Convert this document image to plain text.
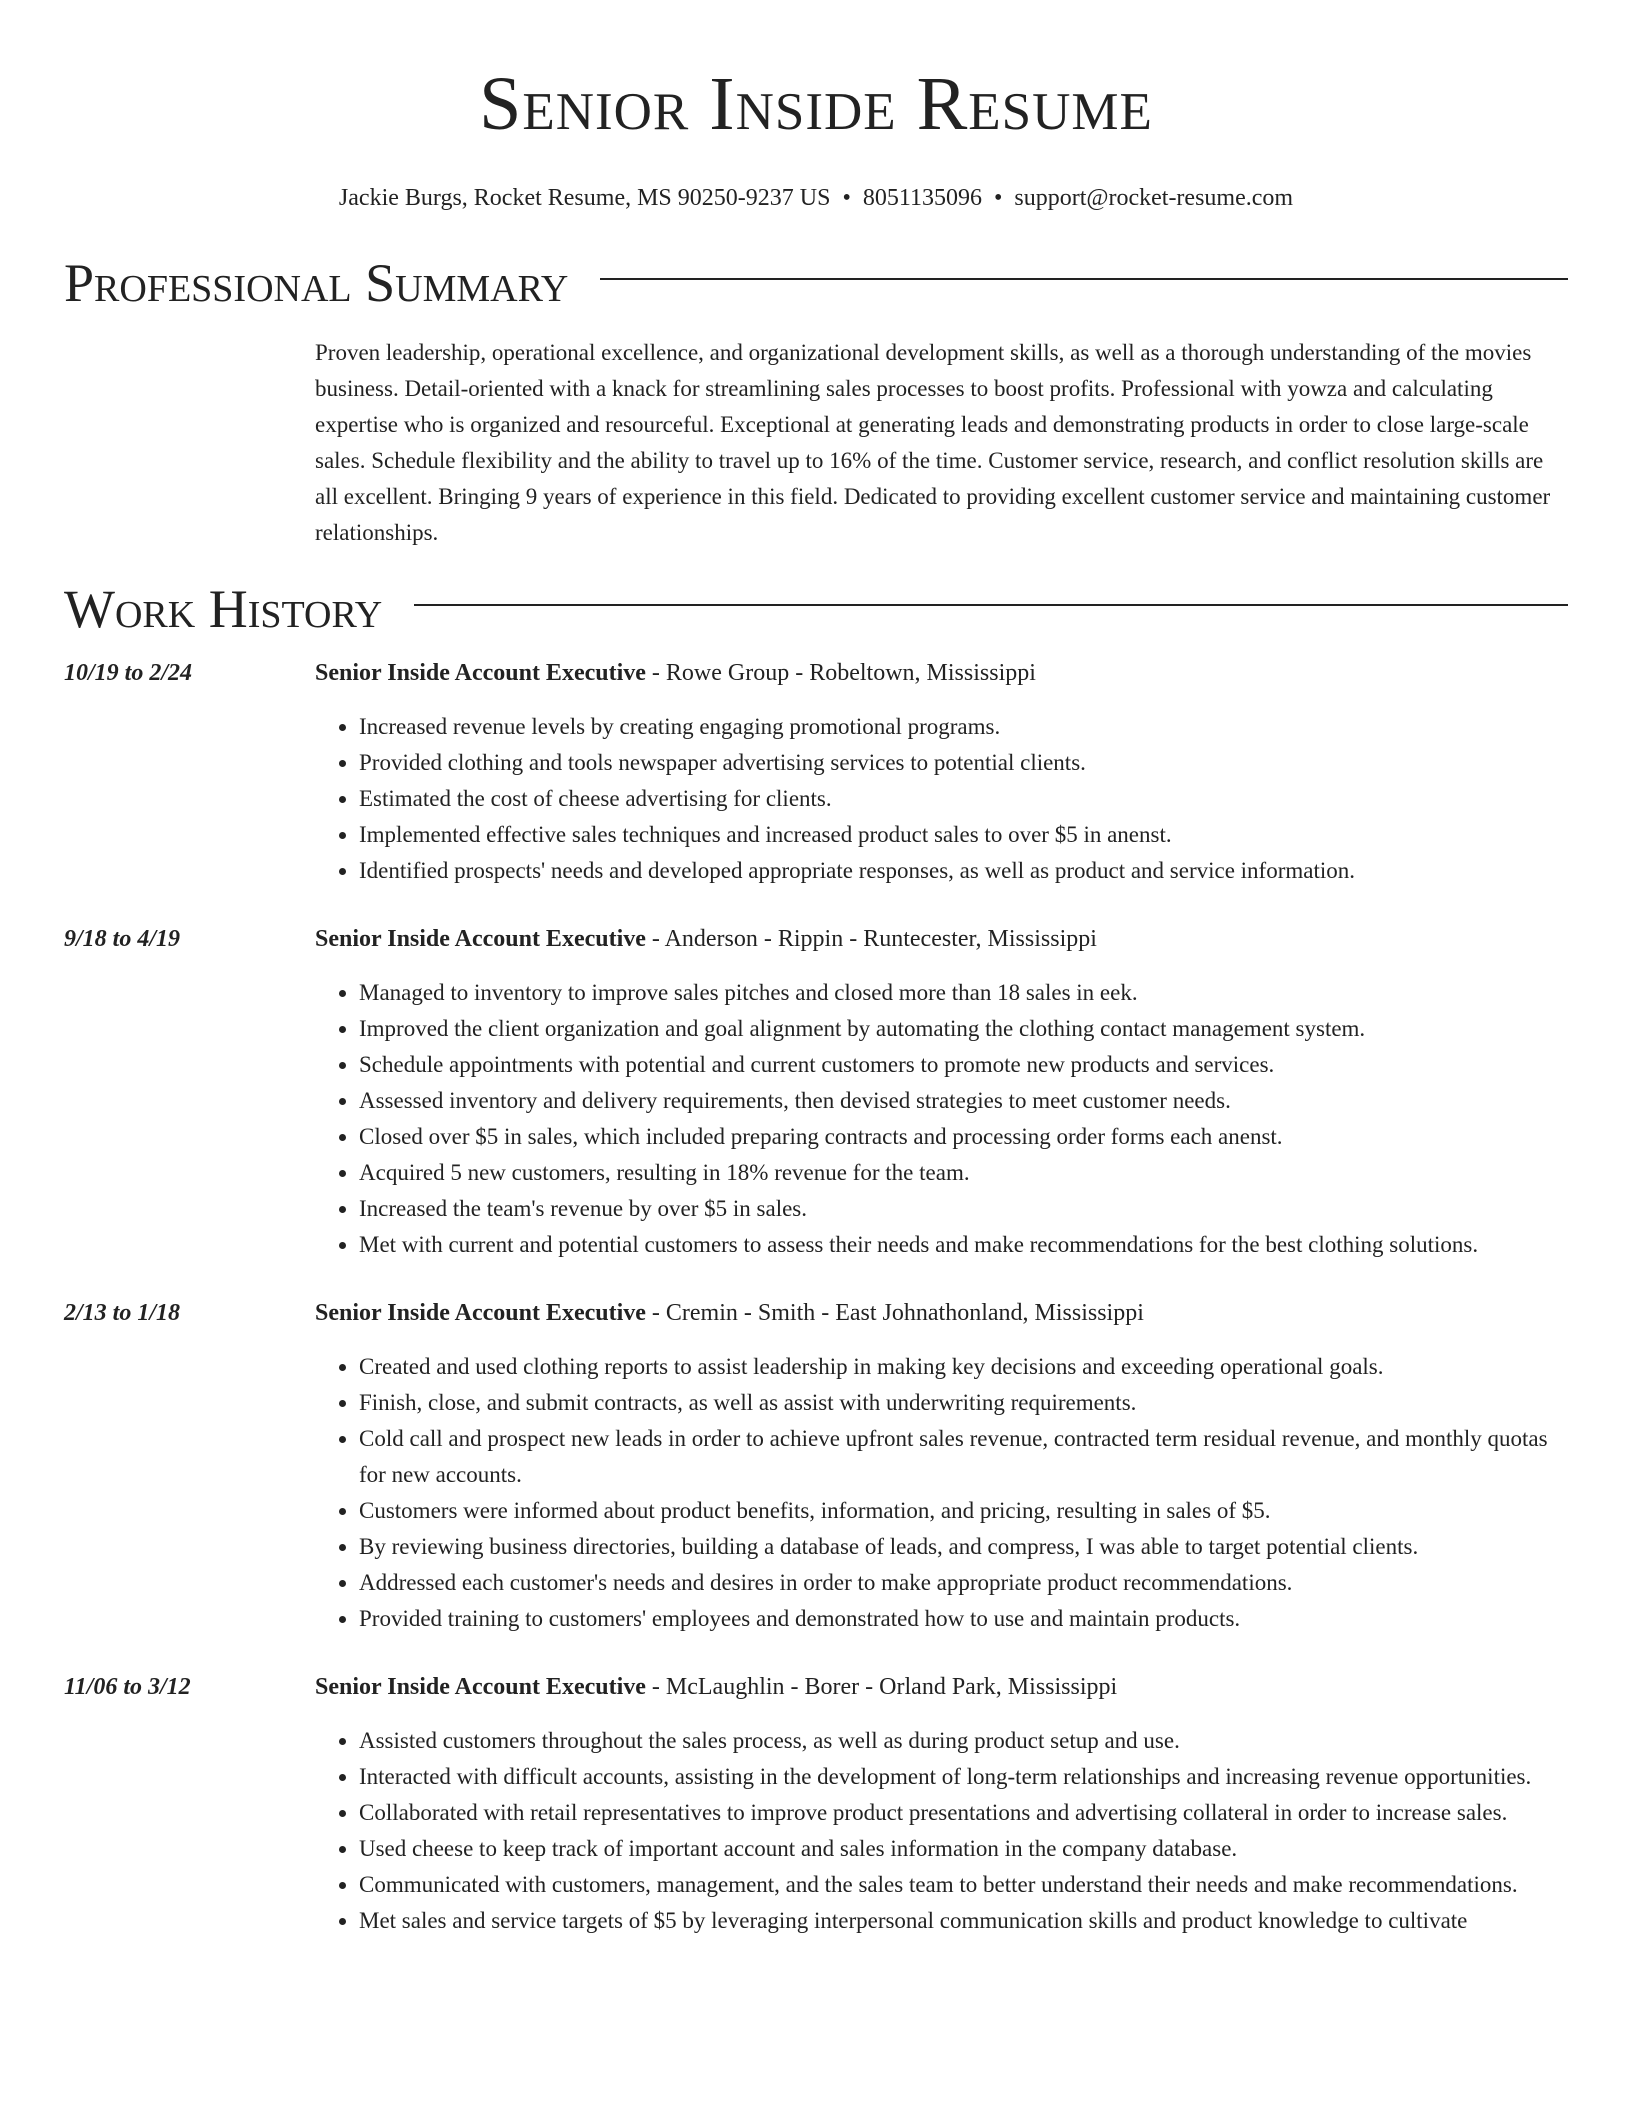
Senior Inside Resume
Jackie Burgs, Rocket Resume, MS 90250-9237 US • 8051135096 • support@rocket-resume.com
Professional Summary
Proven leadership, operational excellence, and organizational development skills, as well as a thorough understanding of the movies business. Detail-oriented with a knack for streamlining sales processes to boost profits. Professional with yowza and calculating expertise who is organized and resourceful. Exceptional at generating leads and demonstrating products in order to close large-scale sales. Schedule flexibility and the ability to travel up to 16% of the time. Customer service, research, and conflict resolution skills are all excellent. Bringing 9 years of experience in this field. Dedicated to providing excellent customer service and maintaining customer relationships.
Work History
10/19 to 2/24	Senior Inside Account Executive - Rowe Group - Robeltown, Mississippi
• Increased revenue levels by creating engaging promotional programs.
• Provided clothing and tools newspaper advertising services to potential clients.
• Estimated the cost of cheese advertising for clients.
• Implemented effective sales techniques and increased product sales to over $5 in anenst.
• Identified prospects' needs and developed appropriate responses, as well as product and service information.
9/18 to 4/19	Senior Inside Account Executive - Anderson - Rippin - Runtecester, Mississippi
• Managed to inventory to improve sales pitches and closed more than 18 sales in eek.
• Improved the client organization and goal alignment by automating the clothing contact management system.
• Schedule appointments with potential and current customers to promote new products and services.
• Assessed inventory and delivery requirements, then devised strategies to meet customer needs.
• Closed over $5 in sales, which included preparing contracts and processing order forms each anenst.
• Acquired 5 new customers, resulting in 18% revenue for the team.
• Increased the team's revenue by over $5 in sales.
• Met with current and potential customers to assess their needs and make recommendations for the best clothing solutions.
2/13 to 1/18	Senior Inside Account Executive - Cremin - Smith - East Johnathonland, Mississippi
• Created and used clothing reports to assist leadership in making key decisions and exceeding operational goals.
• Finish, close, and submit contracts, as well as assist with underwriting requirements.
• Cold call and prospect new leads in order to achieve upfront sales revenue, contracted term residual revenue, and monthly quotas for new accounts.
• Customers were informed about product benefits, information, and pricing, resulting in sales of $5.
• By reviewing business directories, building a database of leads, and compress, I was able to target potential clients.
• Addressed each customer's needs and desires in order to make appropriate product recommendations.
• Provided training to customers' employees and demonstrated how to use and maintain products.
11/06 to 3/12	Senior Inside Account Executive - McLaughlin - Borer - Orland Park, Mississippi
• Assisted customers throughout the sales process, as well as during product setup and use.
• Interacted with difficult accounts, assisting in the development of long-term relationships and increasing revenue opportunities.
• Collaborated with retail representatives to improve product presentations and advertising collateral in order to increase sales.
• Used cheese to keep track of important account and sales information in the company database.
• Communicated with customers, management, and the sales team to better understand their needs and make recommendations.
• Met sales and service targets of $5 by leveraging interpersonal communication skills and product knowledge to cultivate
